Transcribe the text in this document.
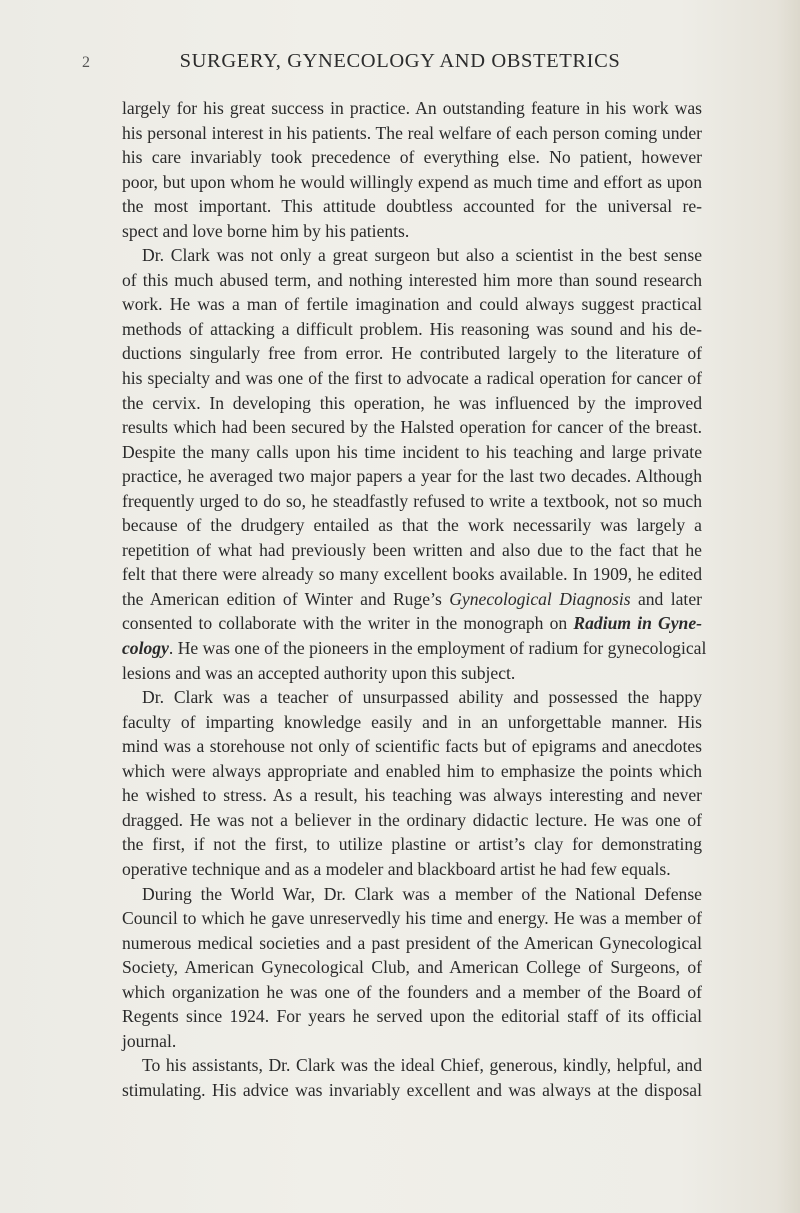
2	SURGERY, GYNECOLOGY AND OBSTETRICS
largely for his great success in practice. An outstanding feature in his work was
his personal interest in his patients. The real welfare of each person coming under
his care invariably took precedence of everything else. No patient, however
poor, but upon whom he would willingly expend as much time and effort as upon
the most important. This attitude doubtless accounted for the universal re-
spect and love borne him by his patients.
Dr. Clark was not only a great surgeon but also a scientist in the best sense
of this much abused term, and nothing interested him more than sound research
work. He was a man of fertile imagination and could always suggest practical
methods of attacking a difficult problem. His reasoning was sound and his de-
ductions singularly free from error. He contributed largely to the literature of
his specialty and was one of the first to advocate a radical operation for cancer of
the cervix. In developing this operation, he was influenced by the improved
results which had been secured by the Halsted operation for cancer of the breast.
Despite the many calls upon his time incident to his teaching and large private
practice, he averaged two major papers a year for the last two decades. Although
frequently urged to do so, he steadfastly refused to write a textbook, not so much
because of the drudgery entailed as that the work necessarily was largely a
repetition of what had previously been written and also due to the fact that he
felt that there were already so many excellent books available. In 1909, he edited
the American edition of Winter and Ruge’s Gynecological Diagnosis and later
consented to collaborate with the writer in the monograph on Radium in Gyne-
cology. He was one of the pioneers in the employment of radium for gynecological
lesions and was an accepted authority upon this subject.
Dr. Clark was a teacher of unsurpassed ability and possessed the happy
faculty of imparting knowledge easily and in an unforgettable manner. His
mind was a storehouse not only of scientific facts but of epigrams and anecdotes
which were always appropriate and enabled him to emphasize the points which
he wished to stress. As a result, his teaching was always interesting and never
dragged. He was not a believer in the ordinary didactic lecture. He was one of
the first, if not the first, to utilize plastine or artist’s clay for demonstrating
operative technique and as a modeler and blackboard artist he had few equals.
During the World War, Dr. Clark was a member of the National Defense
Council to which he gave unreservedly his time and energy. He was a member of
numerous medical societies and a past president of the American Gynecological
Society, American Gynecological Club, and American College of Surgeons, of
which organization he was one of the founders and a member of the Board of
Regents since 1924. For years he served upon the editorial staff of its official
journal.
To his assistants, Dr. Clark was the ideal Chief, generous, kindly, helpful, and
stimulating. His advice was invariably excellent and was always at the disposal
